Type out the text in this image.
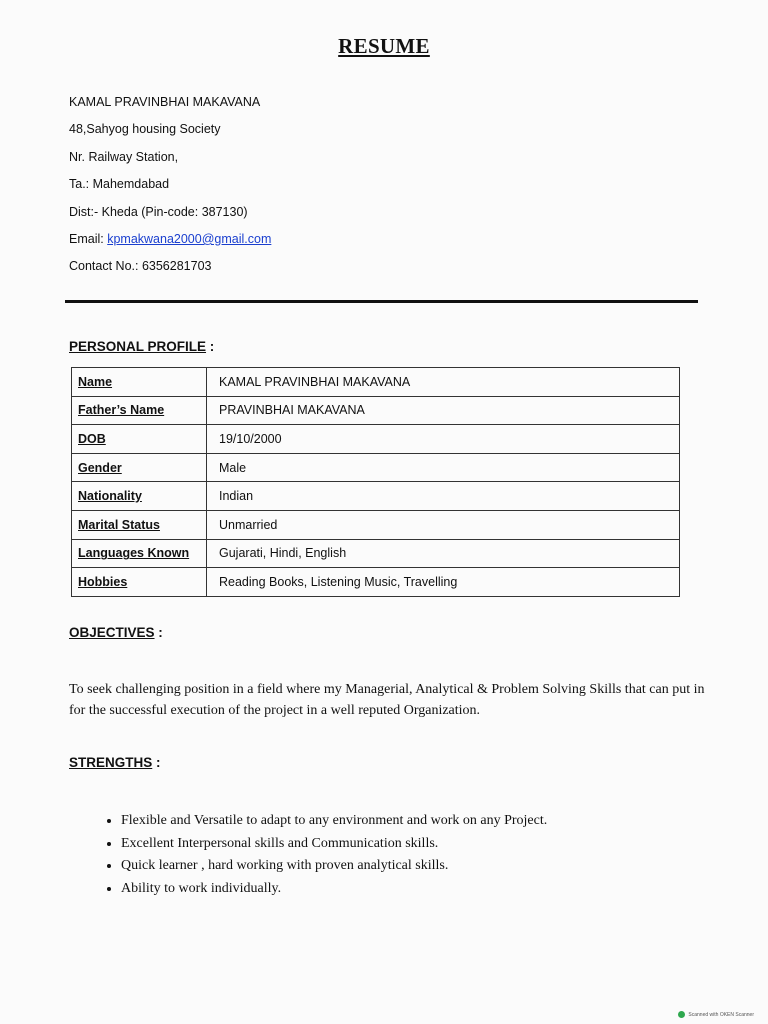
RESUME
KAMAL PRAVINBHAI MAKAVANA
48,Sahyog housing Society
Nr. Railway Station,
Ta.: Mahemdabad
Dist:- Kheda (Pin-code: 387130)
Email: kpmakwana2000@gmail.com
Contact No.: 6356281703
PERSONAL PROFILE :
Name	KAMAL PRAVINBHAI MAKAVANA
Father’s Name	PRAVINBHAI MAKAVANA
DOB	19/10/2000
Gender	Male
Nationality	Indian
Marital Status	Unmarried
Languages Known	Gujarati, Hindi, English
Hobbies	Reading Books, Listening Music, Travelling
OBJECTIVES :
To seek challenging position in a field where my Managerial, Analytical & Problem Solving Skills that can put in for the successful execution of the project in a well reputed Organization.
STRENGTHS :
• Flexible and Versatile to adapt to any environment and work on any Project.
• Excellent Interpersonal skills and Communication skills.
• Quick learner , hard working with proven analytical skills.
• Ability to work individually.
Scanned with OKEN Scanner
